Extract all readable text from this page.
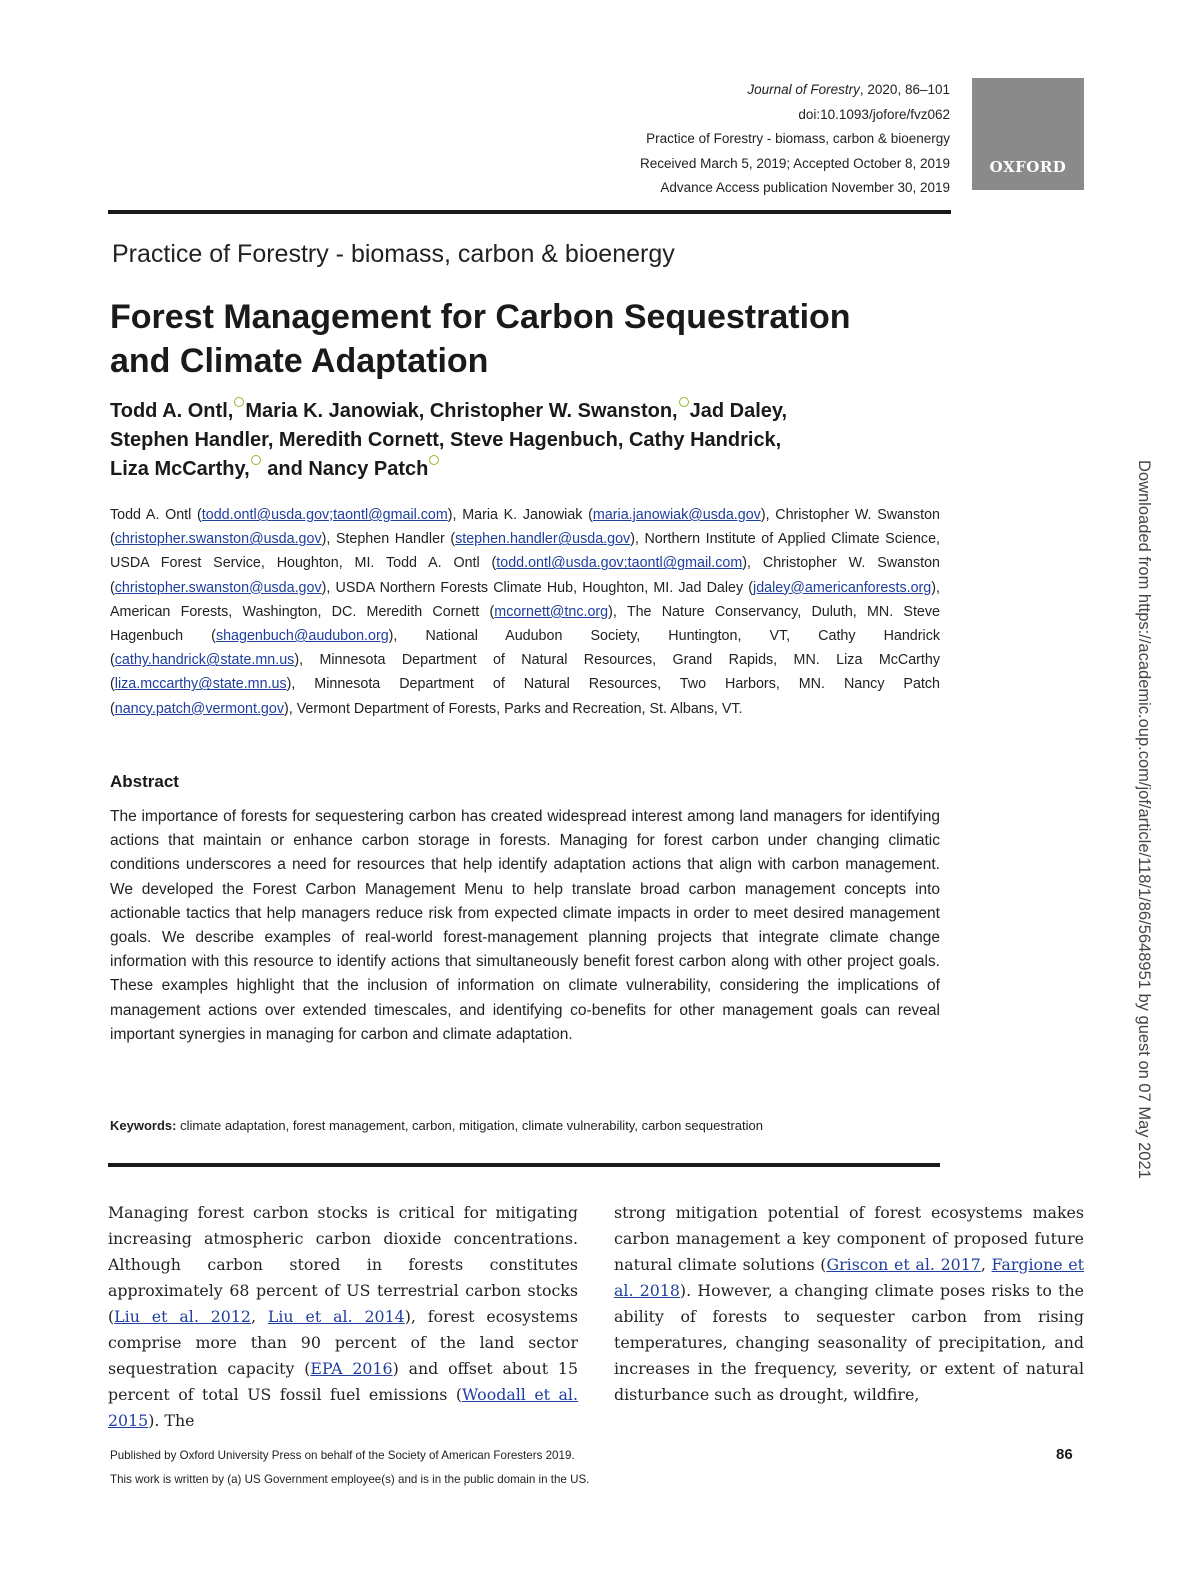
Journal of Forestry, 2020, 86–101
doi:10.1093/jofore/fvz062
Practice of Forestry - biomass, carbon & bioenergy
Received March 5, 2019; Accepted October 8, 2019
Advance Access publication November 30, 2019
OXFORD
Practice of Forestry - biomass, carbon & bioenergy
Forest Management for Carbon Sequestration
and Climate Adaptation
Todd A. Ontl, Maria K. Janowiak, Christopher W. Swanston, Jad Daley,
Stephen Handler, Meredith Cornett, Steve Hagenbuch, Cathy Handrick,
Liza McCarthy, and Nancy Patch
Todd A. Ontl (todd.ontl@usda.gov;taontl@gmail.com), Maria K. Janowiak (maria.janowiak@usda.gov), Christopher W. Swanston (christopher.swanston@usda.gov), Stephen Handler (stephen.handler@usda.gov), Northern Institute of Applied Climate Science, USDA Forest Service, Houghton, MI. Todd A. Ontl (todd.ontl@usda.gov;taontl@gmail.com), Christopher W. Swanston (christopher.swanston@usda.gov), USDA Northern Forests Climate Hub, Houghton, MI. Jad Daley (jdaley@americanforests.org), American Forests, Washington, DC. Meredith Cornett (mcornett@tnc.org), The Nature Conservancy, Duluth, MN. Steve Hagenbuch (shagenbuch@audubon.org), National Audubon Society, Huntington, VT, Cathy Handrick (cathy.handrick@state.mn.us), Minnesota Department of Natural Resources, Grand Rapids, MN. Liza McCarthy (liza.mccarthy@state.mn.us), Minnesota Department of Natural Resources, Two Harbors, MN. Nancy Patch (nancy.patch@vermont.gov), Vermont Department of Forests, Parks and Recreation, St. Albans, VT.
Abstract

The importance of forests for sequestering carbon has created widespread interest among land managers for identifying actions that maintain or enhance carbon storage in forests. Managing for forest carbon under changing climatic conditions underscores a need for resources that help identify adaptation actions that align with carbon management. We developed the Forest Carbon Management Menu to help translate broad carbon management concepts into actionable tactics that help managers reduce risk from expected climate impacts in order to meet desired management goals. We describe examples of real-world forest-management planning projects that integrate climate change information with this resource to identify actions that simultaneously benefit forest carbon along with other project goals. These examples highlight that the inclusion of information on climate vulnerability, considering the implications of management actions over extended timescales, and identifying co-benefits for other management goals can reveal important synergies in managing for carbon and climate adaptation.

Keywords: climate adaptation, forest management, carbon, mitigation, climate vulnerability, carbon sequestration

Managing forest carbon stocks is critical for mitigating increasing atmospheric carbon dioxide concentrations. Although carbon stored in forests constitutes approximately 68 percent of US terrestrial carbon stocks (Liu et al. 2012, Liu et al. 2014), forest ecosystems comprise more than 90 percent of the land sector sequestration capacity (EPA 2016) and offset about 15 percent of total US fossil fuel emissions (Woodall et al. 2015). The

strong mitigation potential of forest ecosystems makes carbon management a key component of proposed future natural climate solutions (Griscon et al. 2017, Fargione et al. 2018). However, a changing climate poses risks to the ability of forests to sequester carbon from rising temperatures, changing seasonality of precipitation, and increases in the frequency, severity, or extent of natural disturbance such as drought, wildfire,

Published by Oxford University Press on behalf of the Society of American Foresters 2019.
This work is written by (a) US Government employee(s) and is in the public domain in the US.
86
Downloaded from https://academic.oup.com/jof/article/118/1/86/5648951 by guest on 07 May 2021
